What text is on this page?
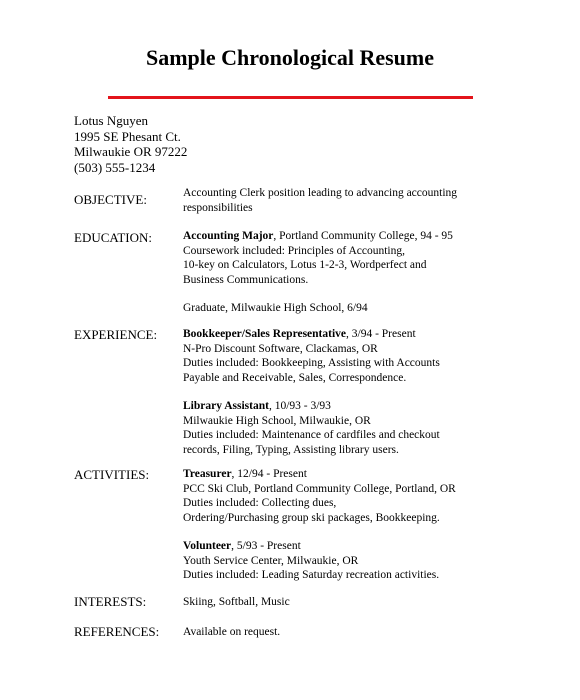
Sample Chronological Resume
Lotus Nguyen
1995 SE Phesant Ct.
Milwaukie OR 97222
(503) 555-1234
OBJECTIVE:	Accounting Clerk position leading to advancing accounting
responsibilities
EDUCATION:	Accounting Major, Portland Community College, 94 - 95
Coursework included: Principles of Accounting,
10-key on Calculators, Lotus 1-2-3, Wordperfect and
Business Communications.
Graduate, Milwaukie High School, 6/94
EXPERIENCE: Bookkeeper/Sales Representative, 3/94 - Present
N-Pro Discount Software, Clackamas, OR
Duties included: Bookkeeping, Assisting with Accounts
Payable and Receivable, Sales, Correspondence.
Library Assistant, 10/93 - 3/93
Milwaukie High School, Milwaukie, OR
Duties included: Maintenance of cardfiles and checkout
records, Filing, Typing, Assisting library users.
ACTIVITIES:	Treasurer, 12/94 - Present
PCC Ski Club, Portland Community College, Portland, OR
Duties included: Collecting dues,
Ordering/Purchasing group ski packages, Bookkeeping.
Volunteer, 5/93 - Present
Youth Service Center, Milwaukie, OR
Duties included: Leading Saturday recreation activities.
INTERESTS:	Skiing, Softball, Music
REFERENCES: Available on request.
